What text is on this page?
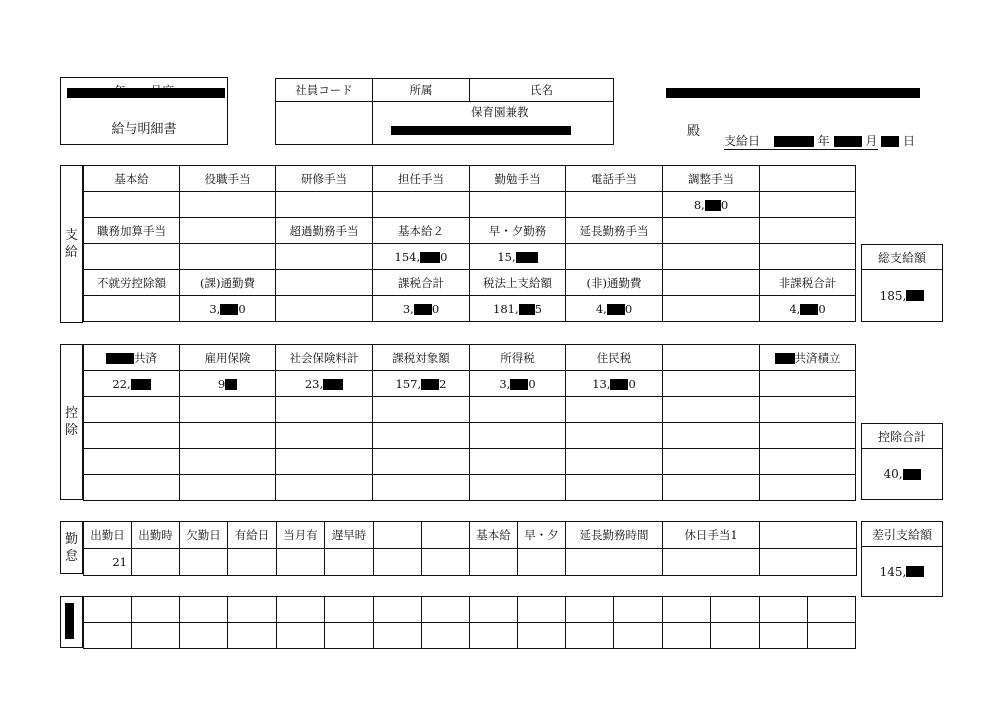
給与明細書
社員コード	所属	氏名

	保育園兼教
殿	
支給日	年	月 日
支
給
基本給	役職手当	研修手当	担任手当	勤勉手当	電話手当	調整手当	
						8, 0	
職務加算手当		超過勤務手当	基本給２	早・夕勤務	延長勤務手当		
			154, 0	15,			
不就労控除額	(課)通勤費		課税合計	税法上支給額	(非)通勤費		非課税合計
	3, 0		3, 0	181, 5	4, 0		4, 0
総支給額
185,
控
除
共済	雇用保険	社会保険料計	課税対象額	所得税	住民税		共済積立
22,	9	23,	157, 2	3, 0	13, 0		

控除合計
40,
勤
怠
出勤日	出勤時	欠勤日	有給日	当月有	遅早時			基本給	早・夕	延長勤務時間	休日手当1	
21												
差引支給額
145,
